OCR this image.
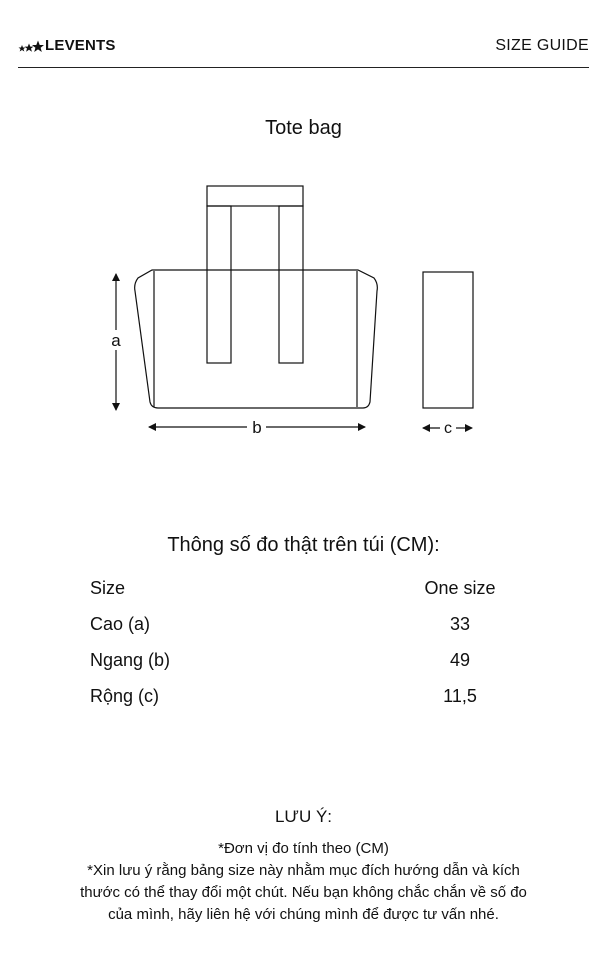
LEVENTS	SIZE GUIDE
Tote bag
a
b	c
Thông số đo thật trên túi (CM):
Size	One size
Cao (a)	33
Ngang (b)	49
Rộng (c)	11,5
LƯU Ý:
*Đơn vị đo tính theo (CM)
*Xin lưu ý rằng bảng size này nhằm mục đích hướng dẫn và kích
thước có thể thay đổi một chút. Nếu bạn không chắc chắn về số đo
của mình, hãy liên hệ với chúng mình để được tư vấn nhé.
